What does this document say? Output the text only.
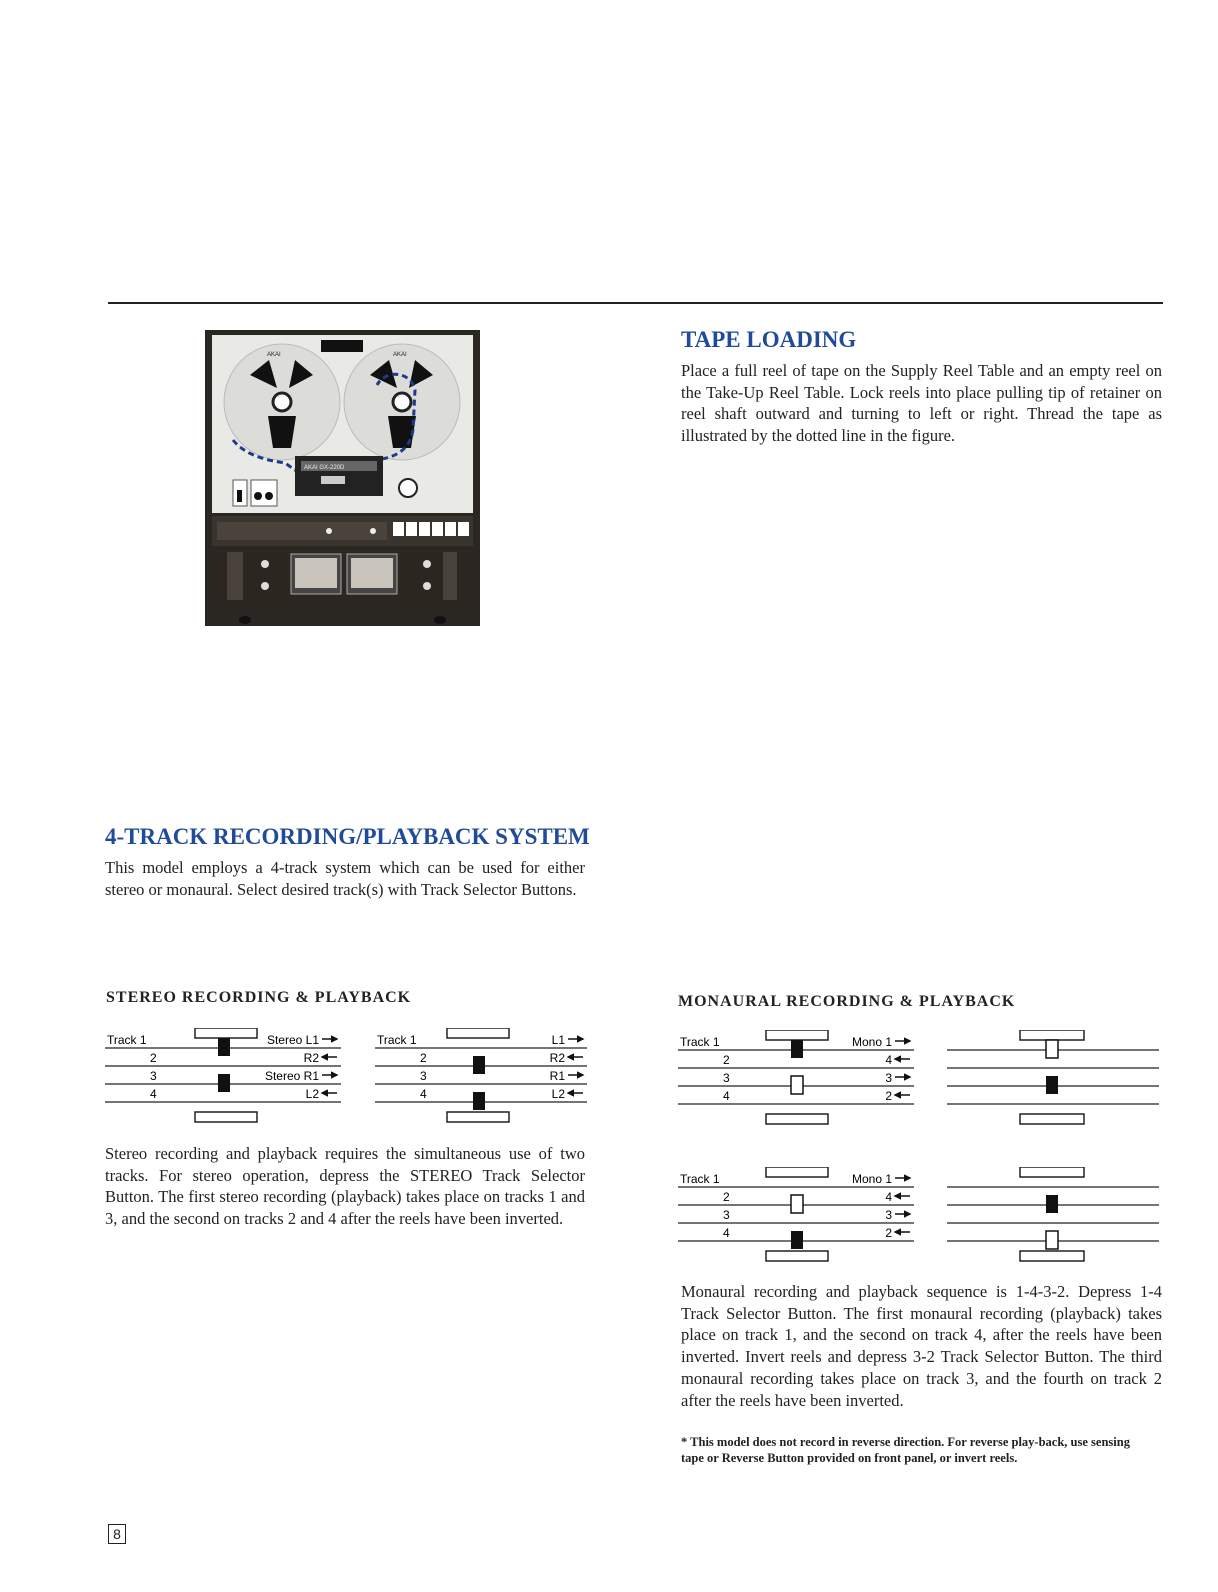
AKAI	AKAI
AKAI GX-220D
TAPE LOADING

Place a full reel of tape on the Supply Reel Table and an empty reel on the Take-Up Reel Table. Lock reels into place pulling tip of retainer on reel shaft outward and turning to left or right. Thread the tape as illustrated by the dotted line in the figure.

4-TRACK RECORDING/PLAYBACK SYSTEM

This model employs a 4-track system which can be used for either stereo or monaural. Select desired track(s) with Track Selector Buttons.

STEREO RECORDING & PLAYBACK
Track 1
2
3
4
Stereo L1
R2
Stereo R1
L2
Track 1
2
3
4
L1
R2
R1
L2

Stereo recording and playback requires the simultaneous use of two tracks. For stereo operation, depress the STEREO Track Selector Button. The first stereo recording (playback) takes place on tracks 1 and 3, and the second on tracks 2 and 4 after the reels have been inverted.

MONAURAL RECORDING & PLAYBACK
Track 1
2
3
4
Mono 1
4
3
2
Track 1
2
3
4
Mono 1
4
3
2

Monaural recording and playback sequence is 1-4-3-2. Depress 1-4 Track Selector Button. The first monaural recording (playback) takes place on track 1, and the second on track 4, after the reels have been inverted. Invert reels and depress 3-2 Track Selector Button. The third monaural recording takes place on track 3, and the fourth on track 2 after the reels have been inverted.

* This model does not record in reverse direction. For reverse play-back, use sensing tape or Reverse Button provided on front panel, or invert reels.
8
